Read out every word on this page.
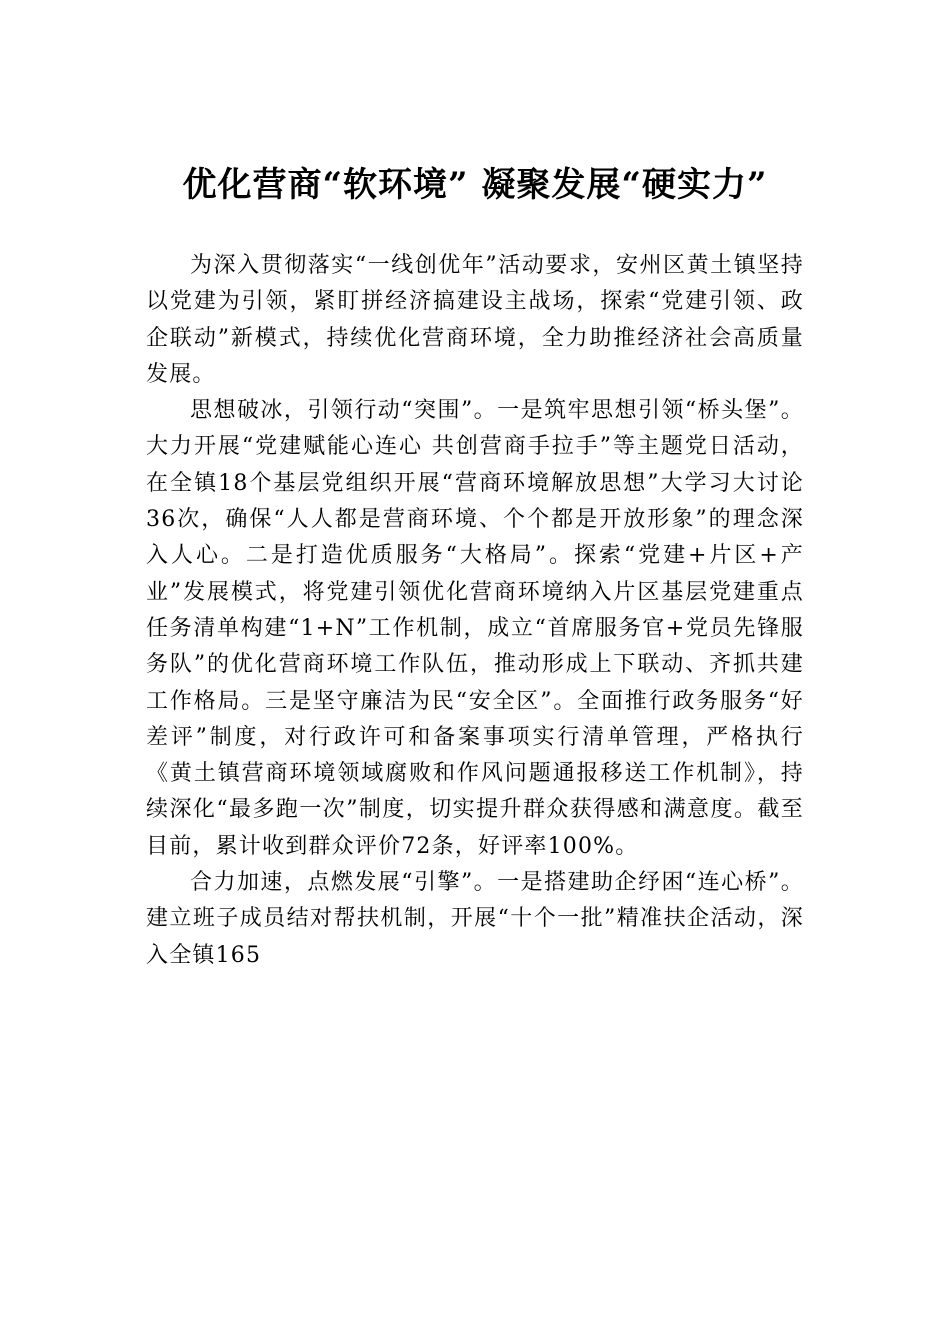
优化营商“软环境” 凝聚发展“硬实力”

为深入贯彻落实“一线创优年”活动要求，安州区黄土镇坚持以党建为引领，紧盯拼经济搞建设主战场，探索“党建引领、政企联动”新模式，持续优化营商环境，全力助推经济社会高质量发展。

思想破冰，引领行动“突围”。一是筑牢思想引领“桥头堡”。大力开展“党建赋能心连心 共创营商手拉手”等主题党日活动，在全镇18个基层党组织开展“营商环境解放思想”大学习大讨论36次，确保“人人都是营商环境、个个都是开放形象”的理念深入人心。二是打造优质服务“大格局”。探索“党建+片区+产业”发展模式，将党建引领优化营商环境纳入片区基层党建重点任务清单构建“1+N”工作机制，成立“首席服务官+党员先锋服务队”的优化营商环境工作队伍，推动形成上下联动、齐抓共建工作格局。三是坚守廉洁为民“安全区”。全面推行政务服务“好差评”制度，对行政许可和备案事项实行清单管理，严格执行《黄土镇营商环境领域腐败和作风问题通报移送工作机制》，持续深化“最多跑一次”制度，切实提升群众获得感和满意度。截至目前，累计收到群众评价72条，好评率100%。

合力加速，点燃发展“引擎”。一是搭建助企纾困“连心桥”。建立班子成员结对帮扶机制，开展“十个一批”精准扶企活动，深入全镇165
